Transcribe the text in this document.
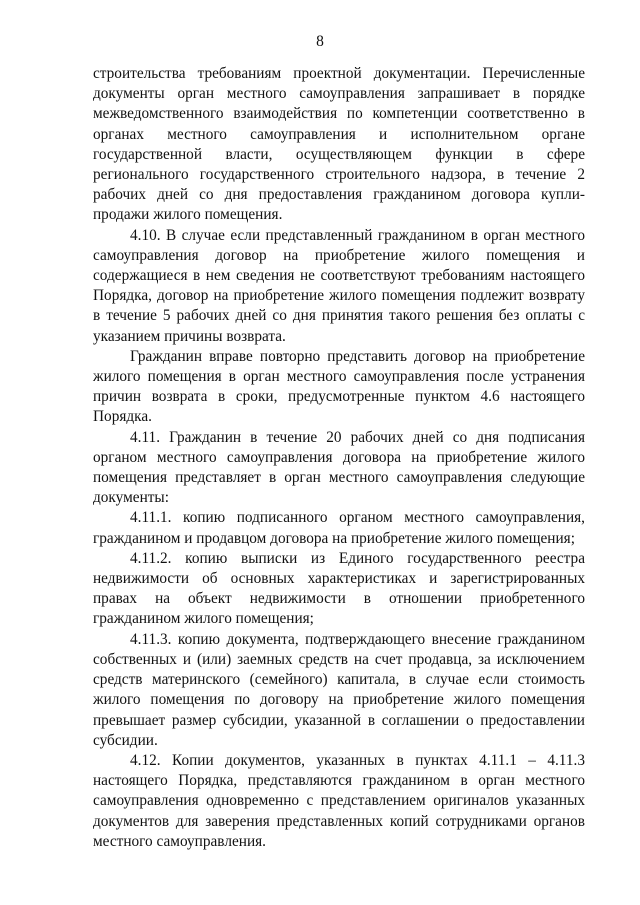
8

строительства требованиям проектной документации. Перечисленные документы орган местного самоуправления запрашивает в порядке межведомственного взаимодействия по компетенции соответственно в органах местного самоуправления и исполнительном органе государственной власти, осуществляющем функции в сфере регионального государственного строительного надзора, в течение 2 рабочих дней со дня предоставления гражданином договора купли-продажи жилого помещения.

4.10. В случае если представленный гражданином в орган местного самоуправления договор на приобретение жилого помещения и содержащиеся в нем сведения не соответствуют требованиям настоящего Порядка, договор на приобретение жилого помещения подлежит возврату в течение 5 рабочих дней со дня принятия такого решения без оплаты с указанием причины возврата.

Гражданин вправе повторно представить договор на приобретение жилого помещения в орган местного самоуправления после устранения причин возврата в сроки, предусмотренные пунктом 4.6 настоящего Порядка.

4.11. Гражданин в течение 20 рабочих дней со дня подписания органом местного самоуправления договора на приобретение жилого помещения представляет в орган местного самоуправления следующие документы:

4.11.1. копию подписанного органом местного самоуправления, гражданином и продавцом договора на приобретение жилого помещения;

4.11.2. копию выписки из Единого государственного реестра недвижимости об основных характеристиках и зарегистрированных правах на объект недвижимости в отношении приобретенного гражданином жилого помещения;

4.11.3. копию документа, подтверждающего внесение гражданином собственных и (или) заемных средств на счет продавца, за исключением средств материнского (семейного) капитала, в случае если стоимость жилого помещения по договору на приобретение жилого помещения превышает размер субсидии, указанной в соглашении о предоставлении субсидии.

4.12. Копии документов, указанных в пунктах 4.11.1 – 4.11.3 настоящего Порядка, представляются гражданином в орган местного самоуправления одновременно с представлением оригиналов указанных документов для заверения представленных копий сотрудниками органов местного самоуправления.
